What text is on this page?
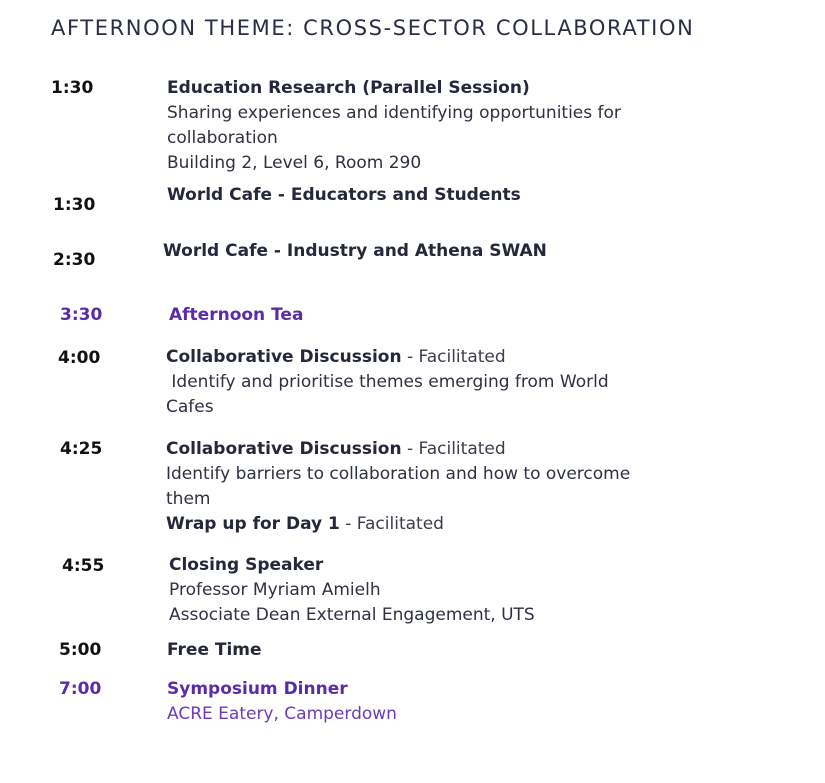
AFTERNOON THEME: CROSS-SECTOR COLLABORATION
1:30	Education Research (Parallel Session)
Sharing experiences and identifying opportunities for
collaboration
Building 2, Level 6, Room 290
1:30	World Cafe - Educators and Students
2:30	World Cafe - Industry and Athena SWAN
3:30	Afternoon Tea
4:00	Collaborative Discussion - Facilitated
Identify and prioritise themes emerging from World
Cafes
4:25	Collaborative Discussion - Facilitated
Identify barriers to collaboration and how to overcome
them
Wrap up for Day 1 - Facilitated
4:55	Closing Speaker
Professor Myriam Amielh
Associate Dean External Engagement, UTS
5:00	Free Time
7:00	Symposium Dinner
ACRE Eatery, Camperdown
